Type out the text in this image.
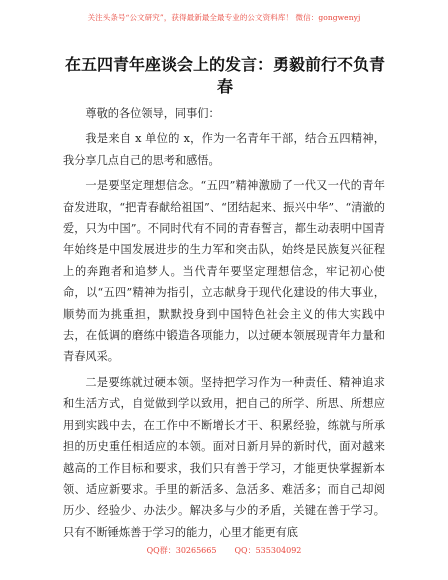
关注头条号“公文研究”，获得最新最全最专业的公文资料库！ 微信：gongwenyj
在五四青年座谈会上的发言：勇毅前行不负青春

尊敬的各位领导，同事们：

我是来自 x 单位的 x，作为一名青年干部，结合五四精神，我分享几点自己的思考和感悟。

一是要坚定理想信念。“五四”精神激励了一代又一代的青年奋发进取，“把青春献给祖国”、“团结起来、振兴中华”、“清澈的爱，只为中国”。不同时代有不同的青春誓言，都生动表明中国青年始终是中国发展进步的生力军和突击队，始终是民族复兴征程上的奔跑者和追梦人。当代青年要坚定理想信念，牢记初心使命，以“五四”精神为指引，立志献身于现代化建设的伟大事业，顺势而为挑重担，默默投身到中国特色社会主义的伟大实践中去，在低调的磨练中锻造各项能力，以过硬本领展现青年力量和青春风采。

二是要练就过硬本领。坚持把学习作为一种责任、精神追求和生活方式，自觉做到学以致用，把自己的所学、所思、所想应用到实践中去，在工作中不断增长才干、积累经验，练就与所承担的历史重任相适应的本领。面对日新月异的新时代，面对越来越高的工作目标和要求，我们只有善于学习，才能更快掌握新本领、适应新要求。手里的新活多、急活多、难活多；而自己却阅历少、经验少、办法少。解决多与少的矛盾，关键在善于学习。只有不断锤炼善于学习的能力，心里才能更有底

QQ群：30265665 QQ：535304092
